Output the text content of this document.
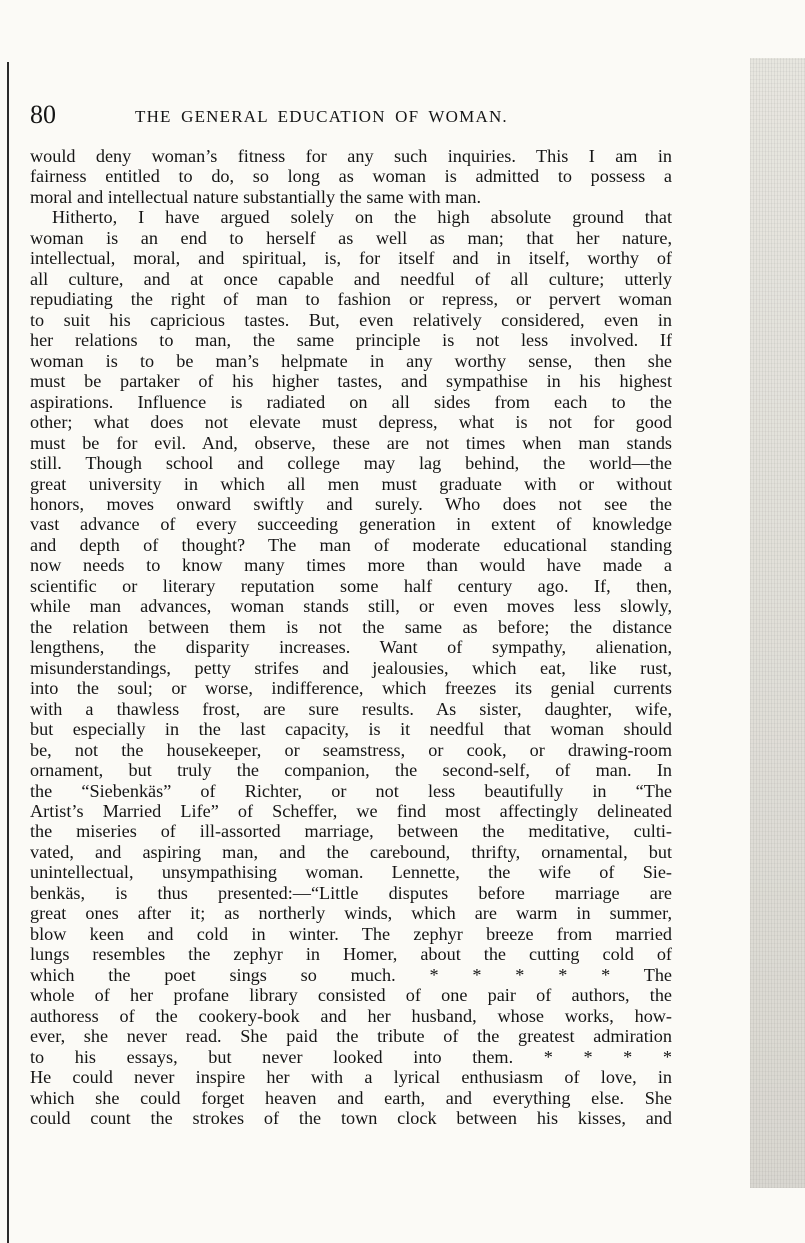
80	THE GENERAL EDUCATION OF WOMAN.
would deny woman’s fitness for any such inquiries. This I am in
fairness entitled to do, so long as woman is admitted to possess a
moral and intellectual nature substantially the same with man.
Hitherto, I have argued solely on the high absolute ground that
woman is an end to herself as well as man; that her nature,
intellectual, moral, and spiritual, is, for itself and in itself, worthy of
all culture, and at once capable and needful of all culture; utterly
repudiating the right of man to fashion or repress, or pervert woman
to suit his capricious tastes. But, even relatively considered, even in
her relations to man, the same principle is not less involved. If
woman is to be man’s helpmate in any worthy sense, then she
must be partaker of his higher tastes, and sympathise in his highest
aspirations. Influence is radiated on all sides from each to the
other; what does not elevate must depress, what is not for good
must be for evil. And, observe, these are not times when man stands
still. Though school and college may lag behind, the world—the
great university in which all men must graduate with or without
honors, moves onward swiftly and surely. Who does not see the
vast advance of every succeeding generation in extent of knowledge
and depth of thought? The man of moderate educational standing
now needs to know many times more than would have made a
scientific or literary reputation some half century ago. If, then,
while man advances, woman stands still, or even moves less slowly,
the relation between them is not the same as before; the distance
lengthens, the disparity increases. Want of sympathy, alienation,
misunderstandings, petty strifes and jealousies, which eat, like rust,
into the soul; or worse, indifference, which freezes its genial currents
with a thawless frost, are sure results. As sister, daughter, wife,
but especially in the last capacity, is it needful that woman should
be, not the housekeeper, or seamstress, or cook, or drawing-room
ornament, but truly the companion, the second-self, of man. In
the “Siebenkäs” of Richter, or not less beautifully in “The
Artist’s Married Life” of Scheffer, we find most affectingly delineated
the miseries of ill-assorted marriage, between the meditative, culti-
vated, and aspiring man, and the carebound, thrifty, ornamental, but
unintellectual, unsympathising woman. Lennette, the wife of Sie-
benkäs, is thus presented:—“Little disputes before marriage are
great ones after it; as northerly winds, which are warm in summer,
blow keen and cold in winter. The zephyr breeze from married
lungs resembles the zephyr in Homer, about the cutting cold of
which the poet sings so much. * * * * * The
whole of her profane library consisted of one pair of authors, the
authoress of the cookery-book and her husband, whose works, how-
ever, she never read. She paid the tribute of the greatest admiration
to his essays, but never looked into them. * * * *
He could never inspire her with a lyrical enthusiasm of love, in
which she could forget heaven and earth, and everything else. She
could count the strokes of the town clock between his kisses, and
